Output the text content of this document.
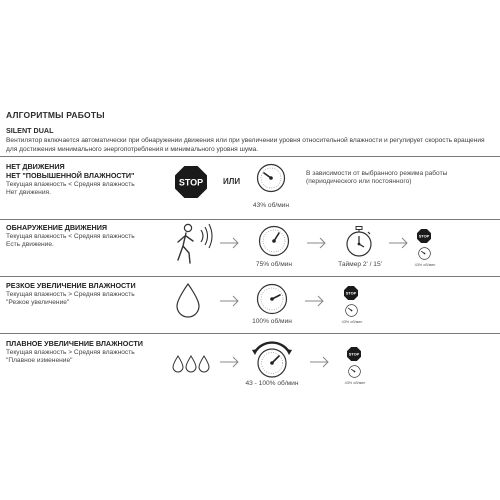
АЛГОРИТМЫ РАБОТЫ
SILENT DUAL
Вентилятор включается автоматически при обнаружении движения или при увеличении уровня относительной влажности и регулирует скорость вращения для достижения минимального энергопотребления и минимального уровня шума.
НЕТ ДВИЖЕНИЯ
НЕТ "ПОВЫШЕННОЙ ВЛАЖНОСТИ"
Текущая влажность < Средняя влажность
Нет движения.
STOP ИЛИ
43% об/мин
В зависимости от выбранного режима работы
(периодического или постоянного)
ОБНАРУЖЕНИЕ ДВИЖЕНИЯ
Текущая влажность < Средняя влажность
Есть движение.
75% об/мин	Таймер 2' / 15'
STOP
43% об/мин
РЕЗКОЕ УВЕЛИЧЕНИЕ ВЛАЖНОСТИ
Текущая влажность > Средняя влажность
"Резкое увеличение"
100% об/мин
STOP
43% об/мин
ПЛАВНОЕ УВЕЛИЧЕНИЕ ВЛАЖНОСТИ
Текущая влажность > Средняя влажность
"Плавное изменение"
43 - 100% об/мин
STOP
43% об/мин
